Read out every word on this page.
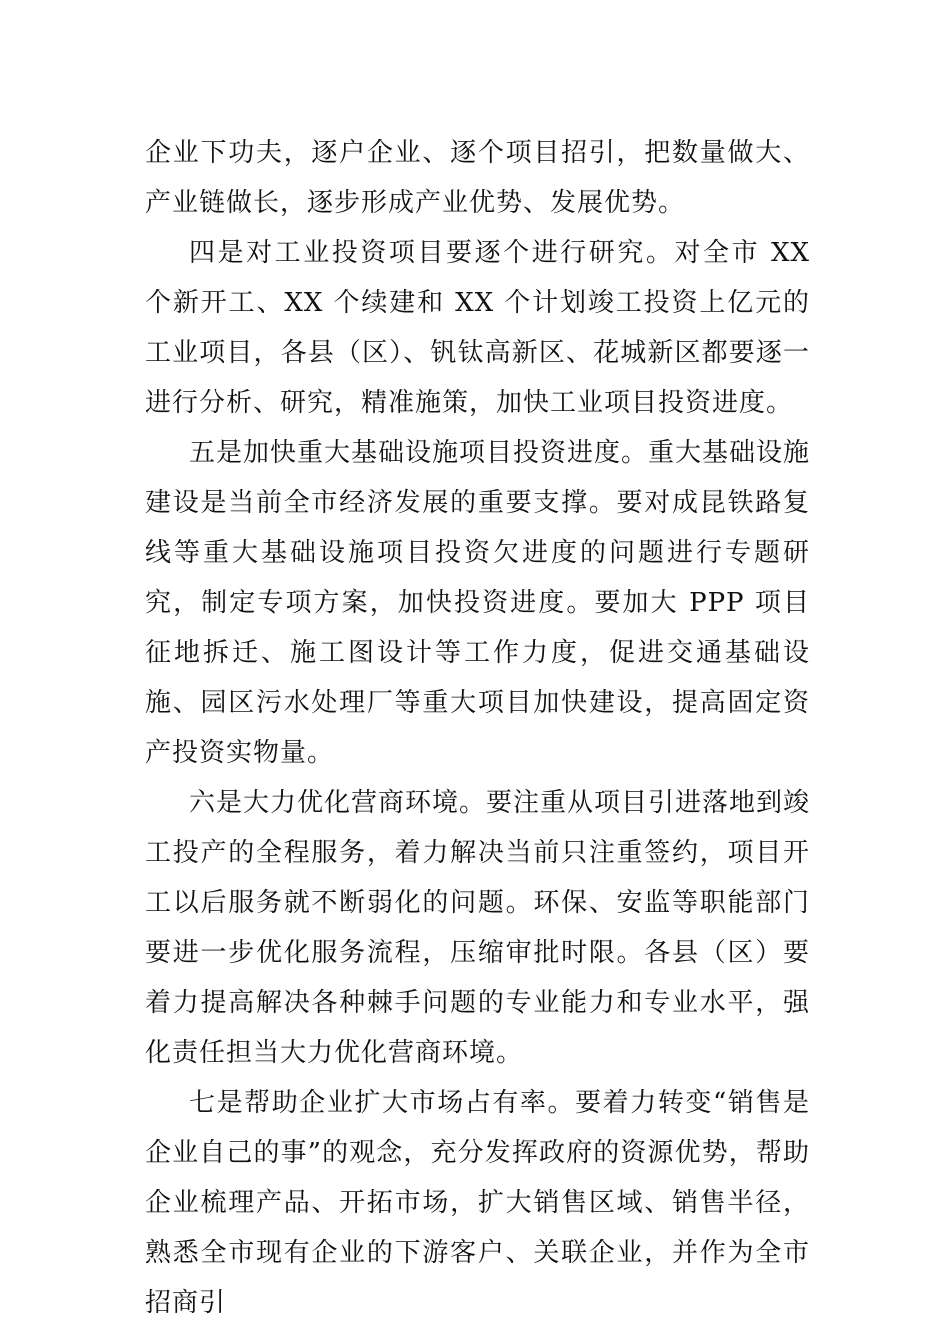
企业下功夫，逐户企业、逐个项目招引，把数量做大、产业链做长，逐步形成产业优势、发展优势。

四是对工业投资项目要逐个进行研究。对全市 XX 个新开工、XX 个续建和 XX 个计划竣工投资上亿元的工业项目，各县（区）、钒钛高新区、花城新区都要逐一进行分析、研究，精准施策，加快工业项目投资进度。

五是加快重大基础设施项目投资进度。重大基础设施建设是当前全市经济发展的重要支撑。要对成昆铁路复线等重大基础设施项目投资欠进度的问题进行专题研究，制定专项方案，加快投资进度。要加大 PPP 项目征地拆迁、施工图设计等工作力度，促进交通基础设施、园区污水处理厂等重大项目加快建设，提高固定资产投资实物量。

六是大力优化营商环境。要注重从项目引进落地到竣工投产的全程服务，着力解决当前只注重签约，项目开工以后服务就不断弱化的问题。环保、安监等职能部门要进一步优化服务流程，压缩审批时限。各县（区）要着力提高解决各种棘手问题的专业能力和专业水平，强化责任担当大力优化营商环境。

七是帮助企业扩大市场占有率。要着力转变“销售是企业自己的事”的观念，充分发挥政府的资源优势，帮助企业梳理产品、开拓市场，扩大销售区域、销售半径，熟悉全市现有企业的下游客户、关联企业，并作为全市招商引
